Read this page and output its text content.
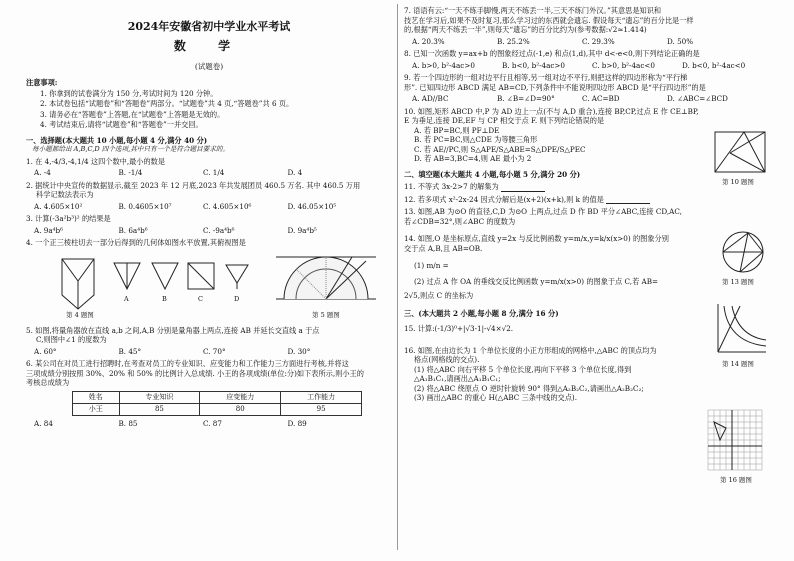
2024年安徽省初中学业水平考试
数 学
(试题卷)
注意事项:
1. 你拿到的试卷满分为 150 分,考试时间为 120 分钟。
2. 本试卷包括“试题卷”和“答题卷”两部分。“试题卷”共 4 页,“答题卷”共 6 页。
3. 请务必在“答题卷”上答题,在“试题卷”上答题是无效的。
4. 考试结束后,请将“试题卷”和“答题卷”一并交回。
一、选择题(本大题共 10 小题,每小题 4 分,满分 40 分)
每小题都给出 A,B,C,D 四个选项,其中只有一个是符合题目要求的。
1. 在 4,-4/3,-4,1/4 这四个数中,最小的数是
A. -4	B. -1/4	C. 1/4	D. 4
2. 据统计中央宣传的数据显示,截至 2023 年 12 月底,2023 年共发展团员 460.5 万名. 其中 460.5 万用
科学记数法表示为
A. 4.605×10²	B. 0.4605×10⁷	C. 4.605×10⁶	D. 46.05×10⁵
3. 计算(-3a²b³)² 的结果是
A. 9a⁴b⁶	B. 6a⁴b⁶	C. -9a⁴b⁶	D. 9a⁴b⁵
4. 一个正三棱柱切去一部分后得到的几何体如图水平放置,其俯视图是
A	B	C	D
第 4 题图	第 5 题图
5. 如图,将量角器放在直线 a,b 之间,A,B 分别是量角器上两点,连接 AB 并延长交直线 a 于点
C,则图中∠1 的度数为
A. 60°	B. 45°	C. 70°	D. 30°
6. 某公司在对员工进行招聘时,在考查对员工的专业知识、应变能力和工作能力三方面进行考核,并将这
三项成绩分别按照 30%、20% 和 50% 的比例计入总成绩. 小王的各项成绩(单位:分)如下表所示,则小王的
考核总成绩为
姓名	专业知识	应变能力	工作能力
小王	85	80	95
A. 84	B. 85	C. 87	D. 89
7. 语语有云:“一天不练手脚慢,两天不练丢一半,三天不练门外汉。”其意思是知识和
技艺在学习后,如果不及时复习,那么学习过的东西就会遗忘. 假设每天“遗忘”的百分比是一样
的,根据“两天不练丢一半”,则每天“遗忘”的百分比约为(参考数据:√2≈1.414)
A. 20.3%	B. 25.2%	C. 29.3%	D. 50%
8. 已知一次函数 y=ax+b 的图象经过点(-1,e) 和点(1,d),其中 d<-e<0,则下列结论正确的是
A. b>0, b²-4ac>0	B. b<0, b²-4ac>0	C. b>0, b²-4ac<0	D. b<0, b²-4ac<0
9. 若一个四边形的一组对边平行且相等,另一组对边不平行,则把这样的四边形称为“平行梯
形”. 已知四边形 ABCD 满足 AB=CD,下列条件中不能说明四边形 ABCD 是“平行四边形”的是
A. AD//BC	B. ∠B=∠D=90°	C. AC=BD	D. ∠ABC=∠BCD
10. 如图,矩形 ABCD 中,P 为 AD 边上一点(不与 A,D 重合),连接 BP,CP,过点 E 作 CE⊥BP,
E 为垂足,连接 DE,EF 与 CP 相交于点 F. 则下列结论错误的是
A. 若 BP=BC,则 PF⊥DE
B. 若 PC=BC,则△CDE 为等腰三角形
C. 若 AE//PC,则 S△APE/S△ABE=S△DPE/S△PEC
D. 若 AB=3,BC=4,则 AE 最小为 2
第 10 题图
二、填空题(本大题共 4 小题,每小题 5 分,满分 20 分)
11. 不等式 3x-2>7 的解集为
12. 若多项式 x²-2x-24 因式分解后是(x+2)(x+k),则 k 的值是
13. 如图,AB 为⊙O 的直径,C,D 为⊙O 上两点,过点 D 作 BD 平分∠ABC,连接 CD,AC,
若∠CDB=32°,则∠ABC 的度数为
第 13 题图
14. 如图,O 是坐标原点,直线 y=2x 与反比例函数 y=m/x,y=k/x(x>0) 的图象分别
交于点 A,B,且 AB=OB.
(1) m/n =
(2) 过点 A 作 OA 的垂线交反比例函数 y=m/x(x>0) 的图象于点 C,若 AB=
2√5,则点 C 的坐标为
第 14 题图
三、(本大题共 2 小题,每小题 8 分,满分 16 分)
15. 计算:(-1/3)⁰+|√3-1|-√4×√2.
16. 如图,在由边长为 1 个单位长度的小正方形组成的网格中,△ABC 的顶点均为
格点(网格线的交点).
(1) 将△ABC 向右平移 5 个单位长度,再向下平移 3 个单位长度,得到
△A₁B₁C₁,请画出△A₁B₁C₁;
(2) 将△ABC 绕原点 O 逆时针旋转 90° 得到△A₂B₂C₂,请画出△A₂B₂C₂;
(3) 画出△ABC 的重心 H(△ABC 三条中线的交点).
第 16 题图
